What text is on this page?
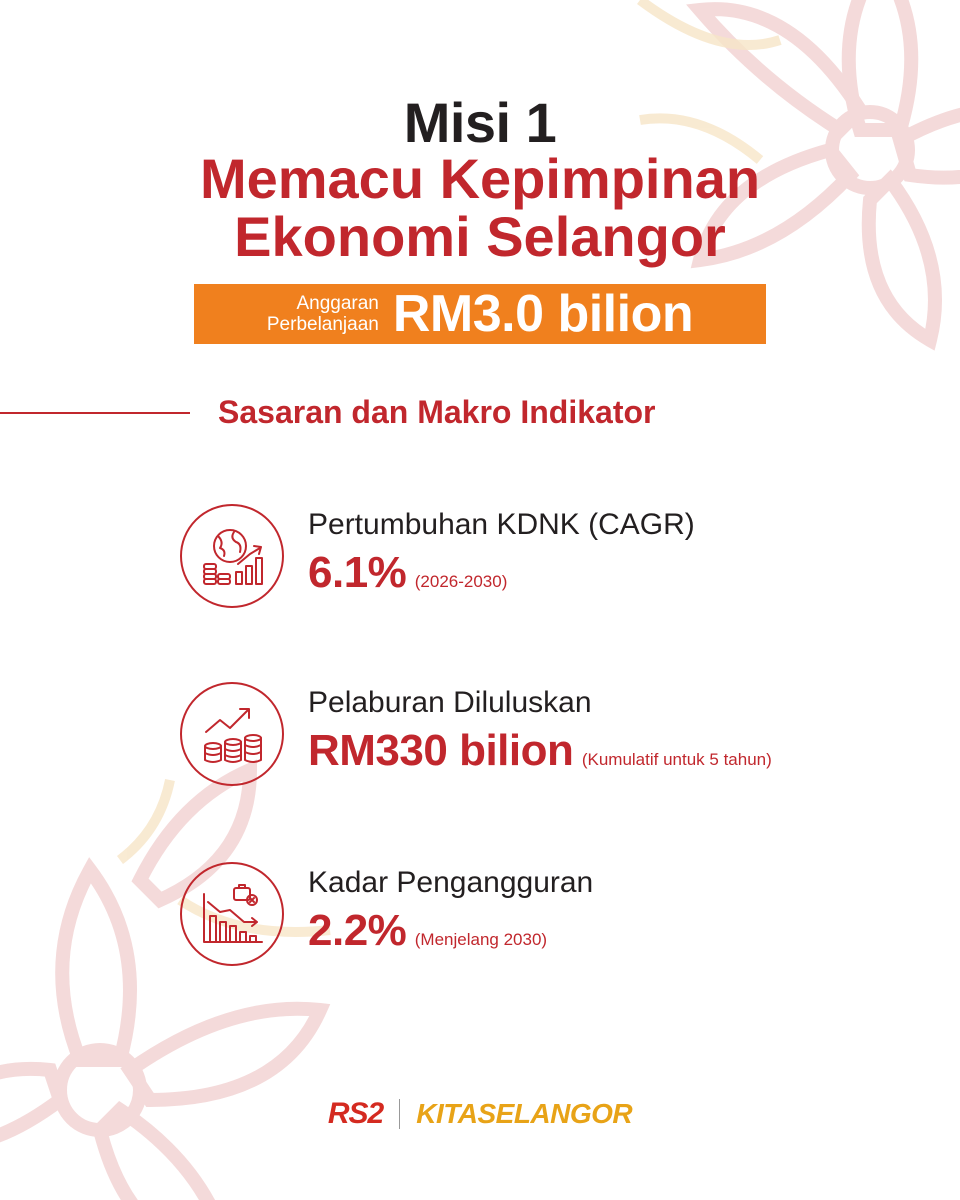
Misi 1
Memacu Kepimpinan
Ekonomi Selangor
Anggaran
Perbelanjaan RM3.0 bilion
Sasaran dan Makro Indikator
Pertumbuhan KDNK (CAGR)
6.1% (2026-2030)
Pelaburan Diluluskan
RM330 bilion (Kumulatif untuk 5 tahun)
Kadar Pengangguran
2.2% (Menjelang 2030)
RS2 KITASELANGOR
